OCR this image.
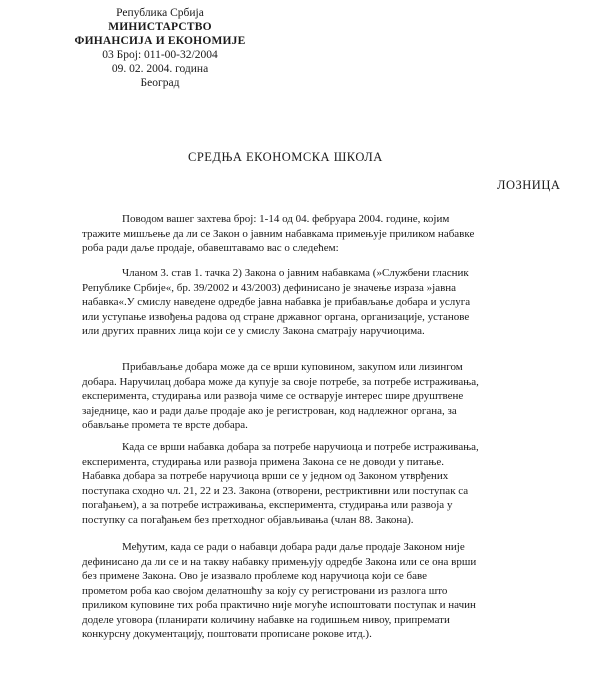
Република Србија
МИНИСТАРСТВО
ФИНАНСИЈА И ЕКОНОМИЈЕ
03 Број: 011-00-32/2004
09. 02. 2004. година
Београд
СРЕДЊА ЕКОНОМСКА ШКОЛА
ЛОЗНИЦА
Поводом вашег захтева број: 1-14 од 04. фебруара 2004. године, којим
тражите мишљење да ли се Закон о јавним набавкама примењује приликом набавке
роба ради даље продаје, обавештавамо вас о следећем:
Чланом 3. став 1. тачка 2) Закона о јавним набавкама (»Службени гласник
Републике Србије«, бр. 39/2002 и 43/2003) дефинисано је значење израза »јавна
набавка«.У смислу наведене одредбе јавна набавка је прибављање добара и услуга
или уступање извођења радова од стране државног органа, организације, установе
или других правних лица који се у смислу Закона сматрају наручиоцима.
Прибављање добара може да се врши куповином, закупом или лизингом
добара. Наручилац добара може да купује за своје потребе, за потребе истраживања,
експеримента, студирања или развоја чиме се остварује интерес шире друштвене
заједнице, као и ради даље продаје ако је регистрован, код надлежног органа, за
обављање промета те врсте добара.
Када се врши набавка добара за потребе наручиоца и потребе истраживања,
експеримента, студирања или развоја примена Закона се не доводи у питање.
Набавка добара за потребе наручиоца врши се у једном од Законом утврђених
поступака сходно чл. 21, 22 и 23. Закона (отворени, рестриктивни или поступак са
погађањем), а за потребе истраживања, експеримента, студирања или развоја у
поступку са погађањем без претходног објављивања (члан 88. Закона).
Међутим, када се ради о набавци добара ради даље продаје Законом није
дефинисано да ли се и на такву набавку примењују одредбе Закона или се она врши
без примене Закона. Ово је изазвало проблеме код наручиоца који се баве
прометом роба као својом делатношћу за коју су регистровани из разлога што
приликом куповине тих роба практично није могуће испоштовати поступак и начин
доделе уговора (планирати количину набавке на годишњем нивоу, припремати
конкурсну документацију, поштовати прописане рокове итд.).
